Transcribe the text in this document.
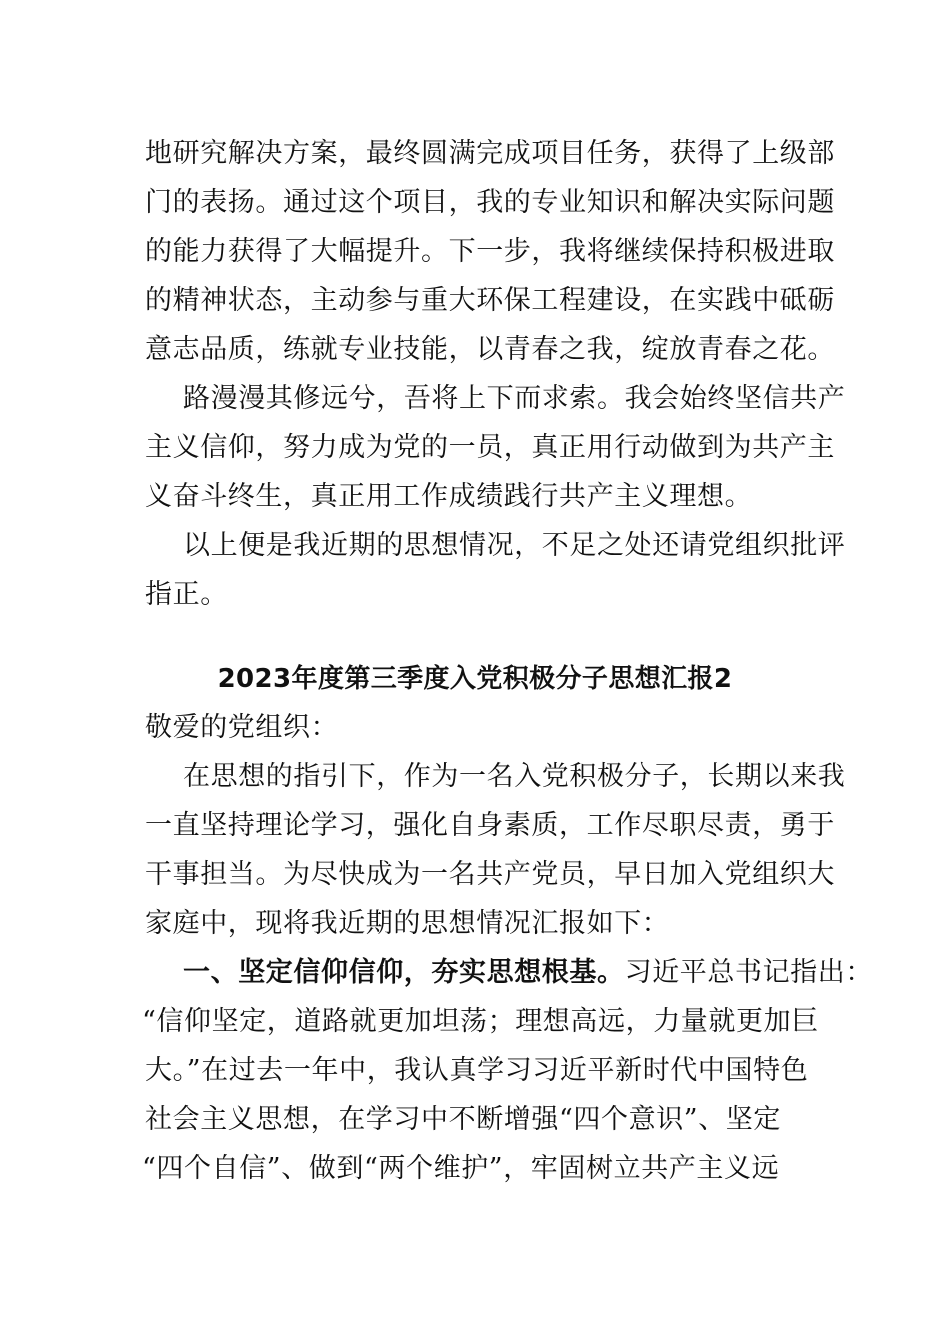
地研究解决方案，最终圆满完成项目任务，获得了上级部
门的表扬。通过这个项目，我的专业知识和解决实际问题
的能力获得了大幅提升。下一步，我将继续保持积极进取
的精神状态，主动参与重大环保工程建设，在实践中砥砺
意志品质，练就专业技能，以青春之我，绽放青春之花。
路漫漫其修远兮，吾将上下而求索。我会始终坚信共产
主义信仰，努力成为党的一员，真正用行动做到为共产主
义奋斗终生，真正用工作成绩践行共产主义理想。
以上便是我近期的思想情况，不足之处还请党组织批评
指正。
2023年度第三季度入党积极分子思想汇报2
敬爱的党组织：
在思想的指引下，作为一名入党积极分子，长期以来我
一直坚持理论学习，强化自身素质，工作尽职尽责，勇于
干事担当。为尽快成为一名共产党员，早日加入党组织大
家庭中，现将我近期的思想情况汇报如下：
一、坚定信仰信仰，夯实思想根基。习近平总书记指出：
“信仰坚定，道路就更加坦荡；理想高远，力量就更加巨
大。”在过去一年中，我认真学习习近平新时代中国特色
社会主义思想，在学习中不断增强“四个意识”、坚定
“四个自信”、做到“两个维护”，牢固树立共产主义远
